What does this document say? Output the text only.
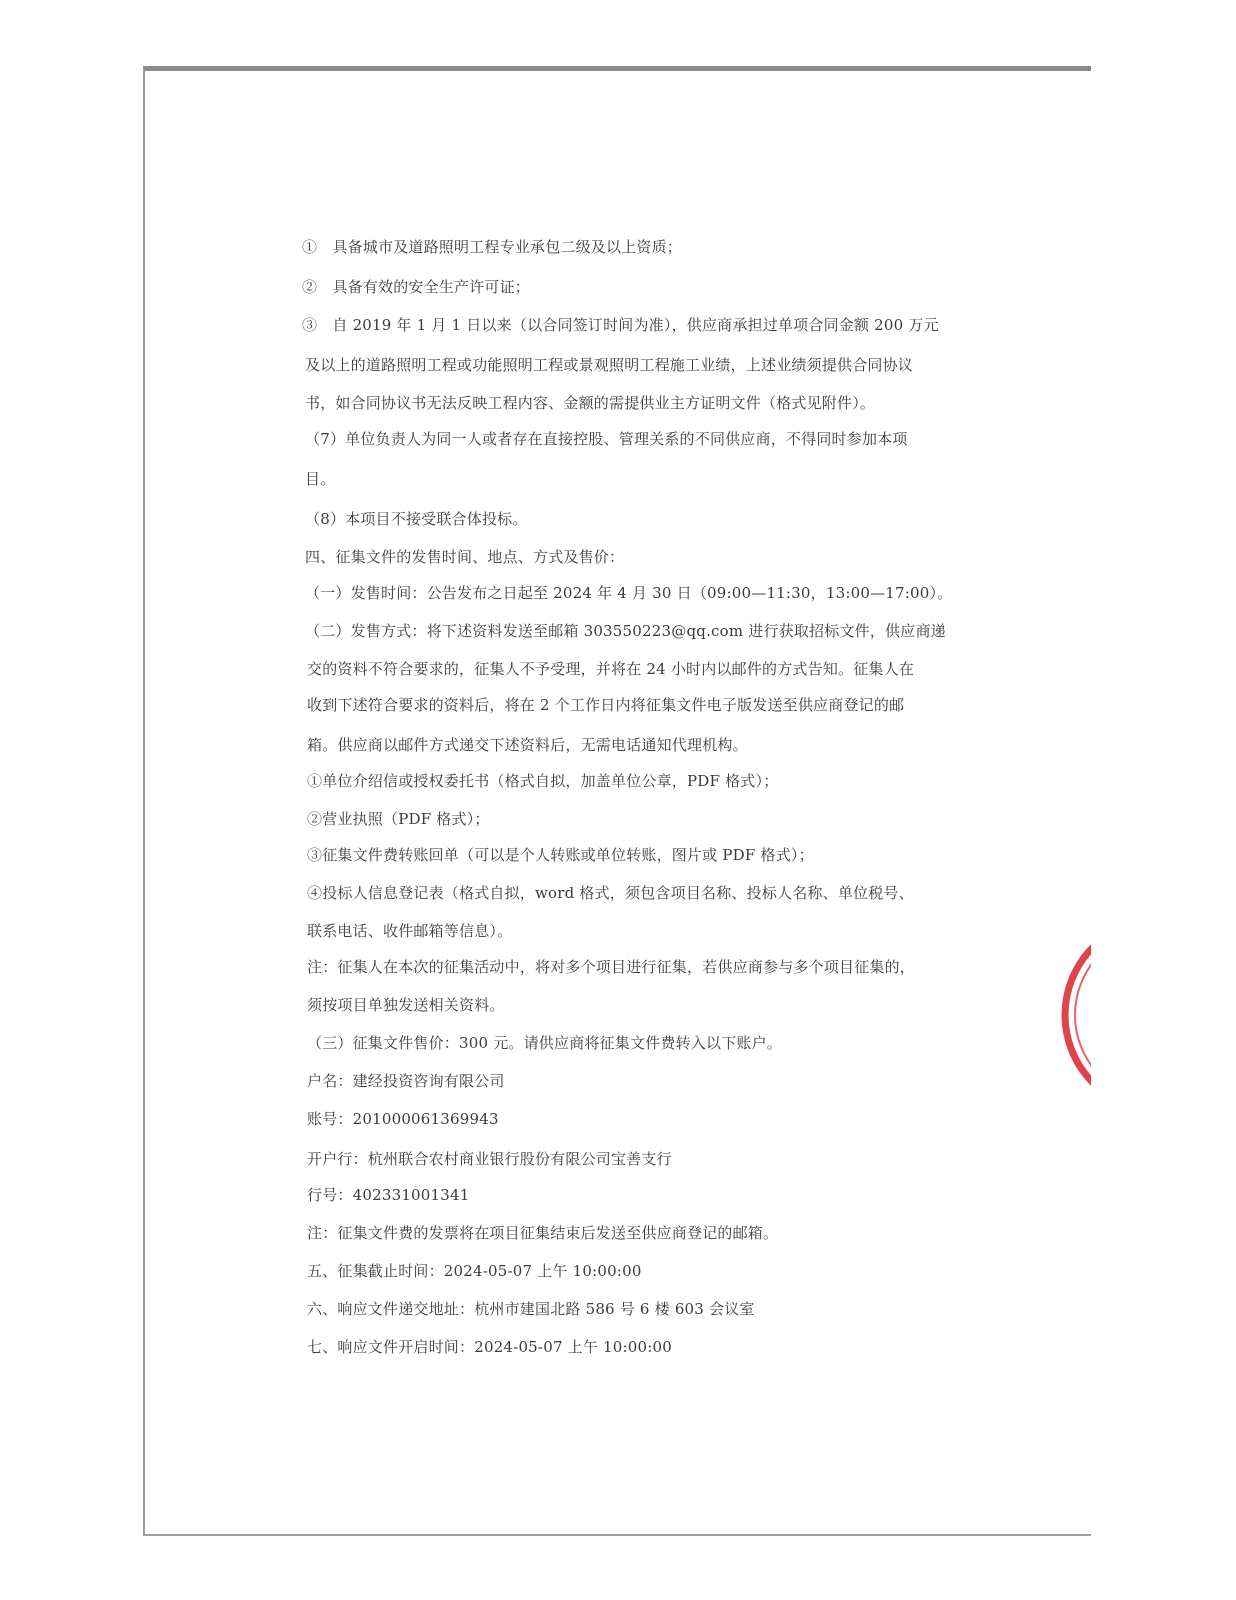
①　具备城市及道路照明工程专业承包二级及以上资质；
②　具备有效的安全生产许可证；
③　自 2019 年 1 月 1 日以来（以合同签订时间为准），供应商承担过单项合同金额 200 万元
及以上的道路照明工程或功能照明工程或景观照明工程施工业绩，上述业绩须提供合同协议
书，如合同协议书无法反映工程内容、金额的需提供业主方证明文件（格式见附件）。
（7）单位负责人为同一人或者存在直接控股、管理关系的不同供应商，不得同时参加本项
目。
（8）本项目不接受联合体投标。
四、征集文件的发售时间、地点、方式及售价：
（一）发售时间：公告发布之日起至 2024 年 4 月 30 日（09:00—11:30，13:00—17:00）。
（二）发售方式：将下述资料发送至邮箱 303550223@qq.com 进行获取招标文件，供应商递
交的资料不符合要求的，征集人不予受理，并将在 24 小时内以邮件的方式告知。征集人在
收到下述符合要求的资料后，将在 2 个工作日内将征集文件电子版发送至供应商登记的邮
箱。供应商以邮件方式递交下述资料后，无需电话通知代理机构。
①单位介绍信或授权委托书（格式自拟，加盖单位公章，PDF 格式）；
②营业执照（PDF 格式）；
③征集文件费转账回单（可以是个人转账或单位转账，图片或 PDF 格式）；
④投标人信息登记表（格式自拟，word 格式，须包含项目名称、投标人名称、单位税号、
联系电话、收件邮箱等信息）。
注：征集人在本次的征集活动中，将对多个项目进行征集，若供应商参与多个项目征集的，
须按项目单独发送相关资料。
（三）征集文件售价：300 元。请供应商将征集文件费转入以下账户。
户名：建经投资咨询有限公司
账号：201000061369943
开户行：杭州联合农村商业银行股份有限公司宝善支行
行号：402331001341
注：征集文件费的发票将在项目征集结束后发送至供应商登记的邮箱。
五、征集截止时间：2024-05-07 上午 10:00:00
六、响应文件递交地址：杭州市建国北路 586 号 6 楼 603 会议室
七、响应文件开启时间：2024-05-07 上午 10:00:00
投
33010
